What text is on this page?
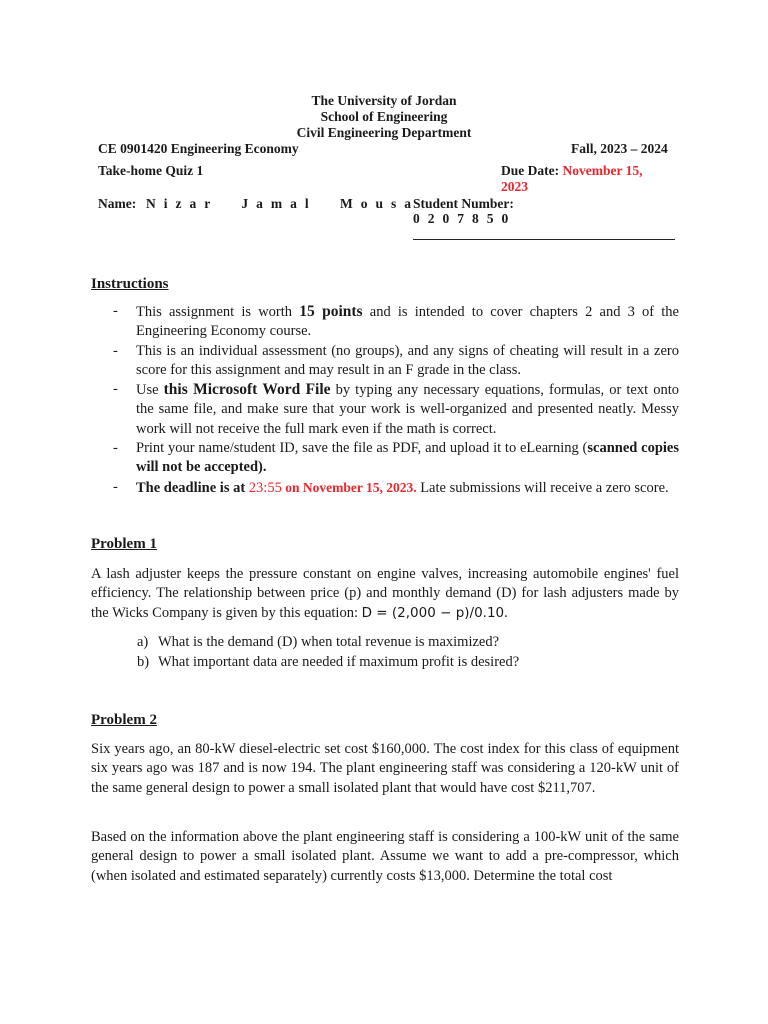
The University of Jordan
School of Engineering
Civil Engineering Department
CE 0901420 Engineering Economy	Fall, 2023 – 2024
Take-home Quiz 1	Due Date: November 15,
2023
Name: Nizar Jamal Mousa
Student Number:
0207850
Instructions
- This assignment is worth 15 points and is intended to cover chapters 2 and 3 of the Engineering Economy course.
- This is an individual assessment (no groups), and any signs of cheating will result in a zero score for this assignment and may result in an F grade in the class.
- Use this Microsoft Word File by typing any necessary equations, formulas, or text onto the same file, and make sure that your work is well-organized and presented neatly. Messy work will not receive the full mark even if the math is correct.
- Print your name/student ID, save the file as PDF, and upload it to eLearning (scanned copies will not be accepted).
- The deadline is at 23:55 on November 15, 2023. Late submissions will receive a zero score.
Problem 1

A lash adjuster keeps the pressure constant on engine valves, increasing automobile engines' fuel efficiency. The relationship between price (p) and monthly demand (D) for lash adjusters made by the Wicks Company is given by this equation: D = (2,000 − p)/0.10.

a) What is the demand (D) when total revenue is maximized?
b) What important data are needed if maximum profit is desired?
Problem 2

Six years ago, an 80-kW diesel-electric set cost $160,000. The cost index for this class of equipment six years ago was 187 and is now 194. The plant engineering staff was considering a 120-kW unit of the same general design to power a small isolated plant that would have cost $211,707.

Based on the information above the plant engineering staff is considering a 100-kW unit of the same general design to power a small isolated plant. Assume we want to add a pre-compressor, which (when isolated and estimated separately) currently costs $13,000. Determine the total cost
